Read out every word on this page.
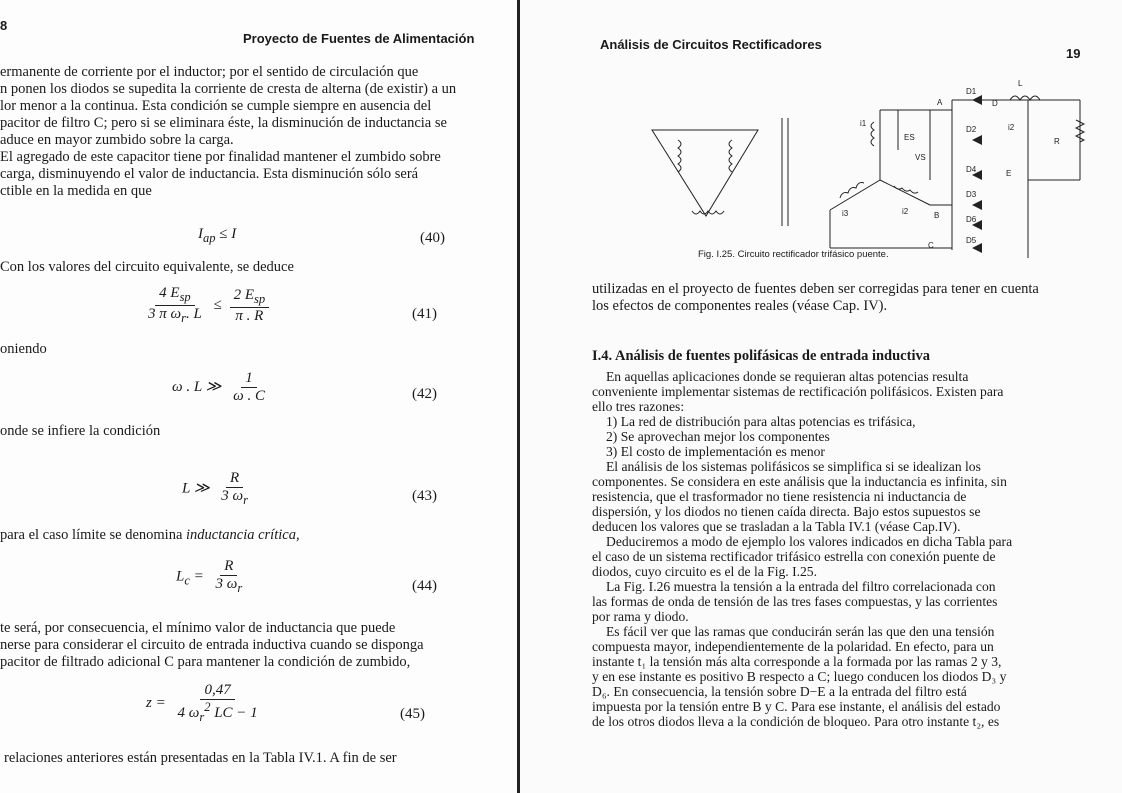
8
Proyecto de Fuentes de Alimentación
ermanente de corriente por el inductor; por el sentido de circulación que
n ponen los diodos se supedita la corriente de cresta de alterna (de existir) a un
lor menor a la continua. Esta condición se cumple siempre en ausencia del
pacitor de filtro C; pero si se eliminara éste, la disminución de inductancia se
aduce en mayor zumbido sobre la carga.
El agregado de este capacitor tiene por finalidad mantener el zumbido sobre
carga, disminuyendo el valor de inductancia. Esta disminución sólo será
ctible en la medida en que
$I_{ap} \le I$	(40)
Con los valores del circuito equivalente, se deduce
$\frac{4 E_{sp}}{3 \pi \omega_r. L} \le \frac{2 E_{sp}}{\pi . R}$	(41)
oniendo
ω . L ≫ $\frac{1}{\omega . C}$	(42)
onde se infiere la condición
L ≫ $\frac{R}{3 \omega_r}$	(43)
para el caso límite se denomina inductancia crítica,
$L_c = \frac{R}{3 \omega_r}$	(44)
te será, por consecuencia, el mínimo valor de inductancia que puede
nerse para considerar el circuito de entrada inductiva cuando se disponga
pacitor de filtrado adicional C para mantener la condición de zumbido,
$z = \frac{0,47}{4 \omega_r^2 LC - 1}$	(45)
relaciones anteriores están presentadas en la Tabla IV.1. A fin de ser
Análisis de Circuitos Rectificadores
19
A
B
C
D
E
D1
D2
D4
D3
D6
D5
L
R
ES
VS
i1	i2
i3	i2
Fig. I.25. Circuito rectificador trifásico puente.
utilizadas en el proyecto de fuentes deben ser corregidas para tener en cuenta
los efectos de componentes reales (véase Cap. IV).
I.4. Análisis de fuentes polifásicas de entrada inductiva
En aquellas aplicaciones donde se requieran altas potencias resulta
conveniente implementar sistemas de rectificación polifásicos. Existen para
ello tres razones:
1) La red de distribución para altas potencias es trifásica,
2) Se aprovechan mejor los componentes
3) El costo de implementación es menor
El análisis de los sistemas polifásicos se simplifica si se idealizan los
componentes. Se considera en este análisis que la inductancia es infinita, sin
resistencia, que el trasformador no tiene resistencia ni inductancia de
dispersión, y los diodos no tienen caída directa. Bajo estos supuestos se
deducen los valores que se trasladan a la Tabla IV.1 (véase Cap.IV).
Deduciremos a modo de ejemplo los valores indicados en dicha Tabla para
el caso de un sistema rectificador trifásico estrella con conexión puente de
diodos, cuyo circuito es el de la Fig. I.25.
La Fig. I.26 muestra la tensión a la entrada del filtro correlacionada con
las formas de onda de tensión de las tres fases compuestas, y las corrientes
por rama y diodo.
Es fácil ver que las ramas que conducirán serán las que den una tensión
compuesta mayor, independientemente de la polaridad. En efecto, para un
instante t₁ la tensión más alta corresponde a la formada por las ramas 2 y 3,
y en ese instante es positivo B respecto a C; luego conducen los diodos D₃ y
D₆. En consecuencia, la tensión sobre D−E a la entrada del filtro está
impuesta por la tensión entre B y C. Para ese instante, el análisis del estado
de los otros diodos lleva a la condición de bloqueo. Para otro instante t₂, es
